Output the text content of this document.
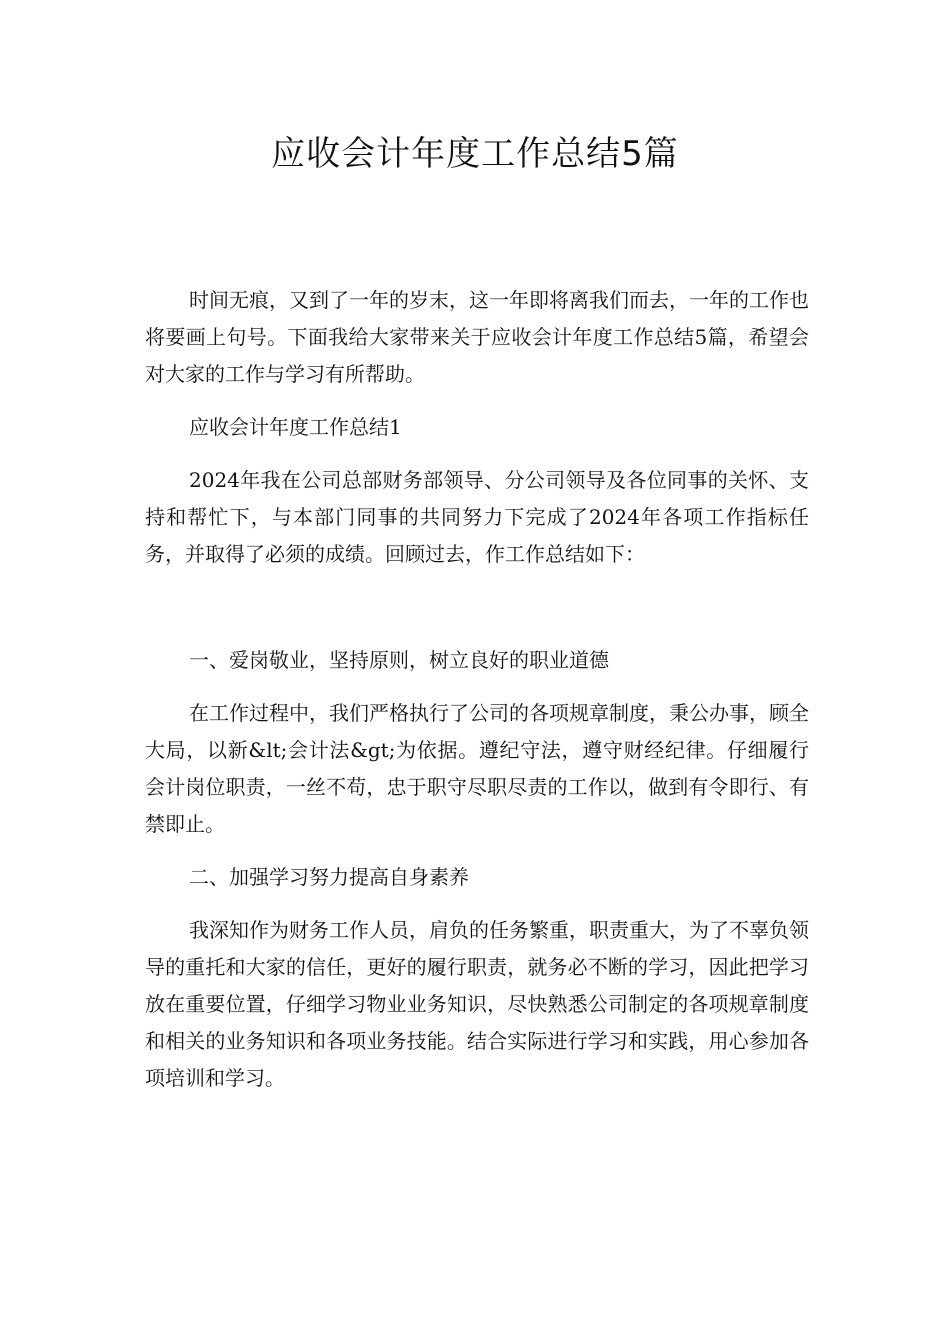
应收会计年度工作总结5篇

时间无痕，又到了一年的岁末，这一年即将离我们而去，一年的工作也将要画上句号。下面我给大家带来关于应收会计年度工作总结5篇，希望会对大家的工作与学习有所帮助。

应收会计年度工作总结1

2024年我在公司总部财务部领导、分公司领导及各位同事的关怀、支持和帮忙下，与本部门同事的共同努力下完成了2024年各项工作指标任务，并取得了必须的成绩。回顾过去，作工作总结如下：

一、爱岗敬业，坚持原则，树立良好的职业道德

在工作过程中，我们严格执行了公司的各项规章制度，秉公办事，顾全大局，以新&lt;会计法&gt;为依据。遵纪守法，遵守财经纪律。仔细履行会计岗位职责，一丝不苟，忠于职守尽职尽责的工作以，做到有令即行、有禁即止。

二、加强学习努力提高自身素养

我深知作为财务工作人员，肩负的任务繁重，职责重大，为了不辜负领导的重托和大家的信任，更好的履行职责，就务必不断的学习，因此把学习放在重要位置，仔细学习物业业务知识，尽快熟悉公司制定的各项规章制度和相关的业务知识和各项业务技能。结合实际进行学习和实践，用心参加各项培训和学习。
